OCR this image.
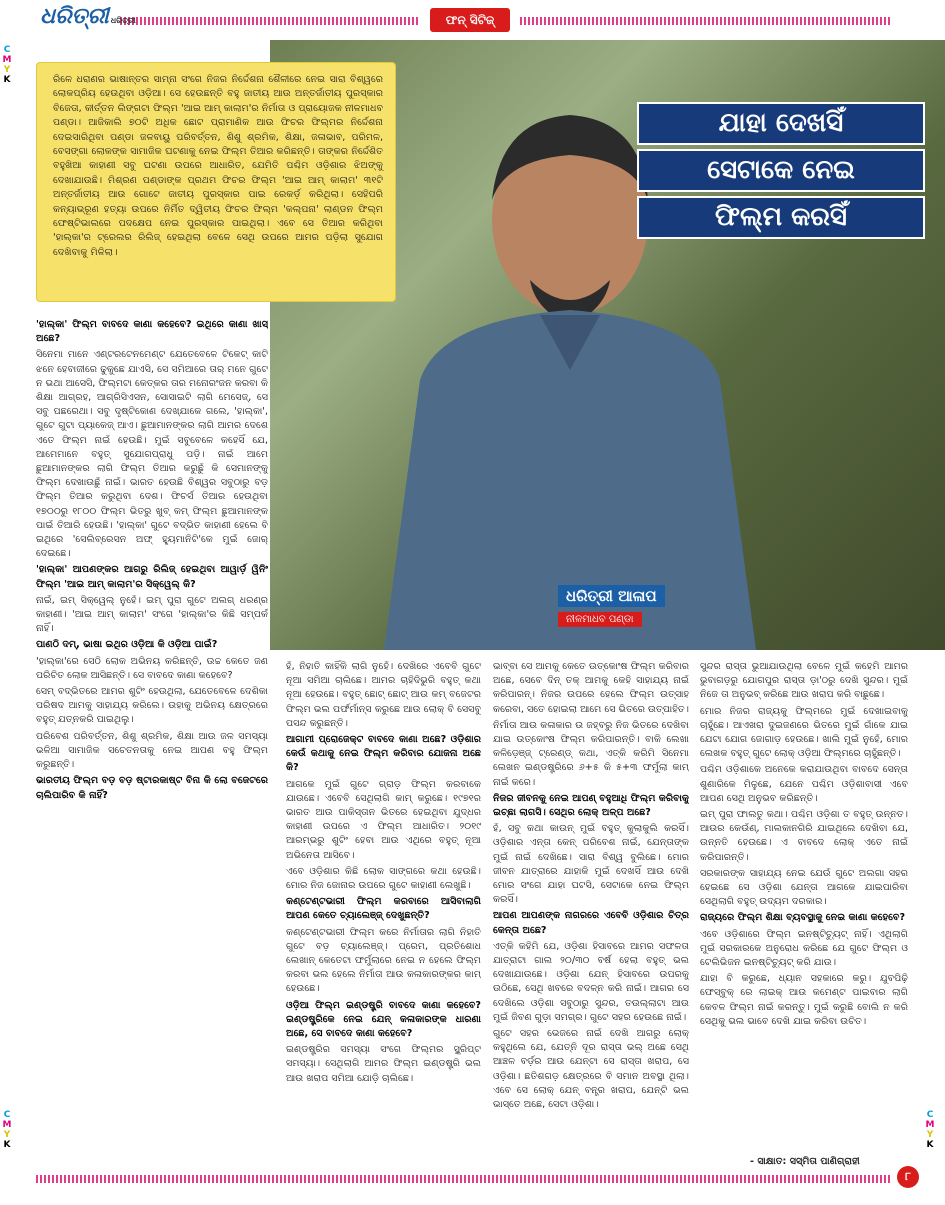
ଧରିତ୍ରୀ ଧରିତ୍ରୀ	ଫନ୍ ସିଟିଜ୍
C
M
Y
K
C
M
Y
K
C
M
Y
K

ରିଳେ ଧରାଣର ଭାଷାନ୍ତର ସାମ୍ନା ସଂଗେ ନିଜର ନିର୍ଦ୍ଦେଶନା ଶୈଳୀରେ ନେଇ ସାରା ବିଶ୍ୱରେ ଲୋକପ୍ରିୟ ହେଉଥିବା ଓଡ଼ିଆ। ସେ ହେଉଛନ୍ତି ବହୁ ଜାତୀୟ ଆଉ ଅନ୍ତର୍ଜାତୀୟ ପୁରସ୍କାର ବିଜେତା, କୀର୍ତ୍ତନ ଲିଙ୍ଗଟା ଫିଲ୍ମ 'ଆଇ ଆମ୍ କାଲାମ'ର ନିର୍ମାତା ଓ ପ୍ରାୟୋଜକ ନୀଳମାଧବ ପଣ୍ଡା। ଆଜିକାଲି ୭୦ଟି ଅଧିକ ଛୋଟ ପ୍ରାମାଣିକ ଆଉ ଫିଚର ଫିଲ୍ମର ନିର୍ଦ୍ଦେଶନା ଦେଇସାରିଥିବା ପଣ୍ଡା ଜଳବାୟୁ ପରିବର୍ତ୍ତନ, ଶିଶୁ ଶ୍ରମିକ, ଶିକ୍ଷା, ଜଳାଭାବ, ପରିମଳ, ବେସଙ୍ଗା ଲୋକଙ୍କ ସାମାଜିକ ଘଟଣାକୁ ନେଇ ଫିଲ୍ମ ତିଆର କରିଛନ୍ତି। ତାଙ୍କର ନିର୍ଦ୍ଦେଶିତ ବହୁଖିଆ କାହାଣୀ ସବୁ ଘଟଣା ଉପରେ ଆଧାରିତ, ଯେମିତି ପଶ୍ଚିମ ଓଡ଼ିଶାର ଝିଅଙ୍କୁ ଦେଖାଯାଉଛି। ମିଶ୍ରଣ ପଣ୍ଡାଙ୍କ ପ୍ରଥମ ଫିଚର ଫିଲ୍ମ 'ଆଇ ଆମ୍ କାଲାମ' ୩୧ଟି ଅନ୍ତର୍ଜାତୀୟ ଆଉ ଗୋଟେ ଜାତୀୟ ପୁରସ୍କାର ପାଇ ରେକର୍ଡ଼ କରିଥିଲା। ସେହିପରି କନ୍ୟାଭ୍ରୂଣ ହତ୍ୟା ଉପରେ ନିର୍ମିତ ଦ୍ୱିତୀୟ ଫିଚର ଫିଲ୍ମ 'କଲ୍ପନା' ଲାଣ୍ଡନ ଫିଲ୍ମ ଫେଷ୍ଟିଭାଲରେ ପଦକ୍ଷେପ ନେଇ ପୁରସ୍କାର ପାଇଥିଲା। ଏବେ ସେ ତିଆର କରିଥିବା 'ହାଲ୍କା'ର ଟ୍ରେଲର ରିଲିଜ୍ ହେଇଥିଲା ବେଳେ ସେଥି ଉପରେ ଆମର ପଡ଼ିଲା ସୁଯୋଗ ଦେଖିବାକୁ ମିଳିଲା।

ଯାହା ଦେଖସିଁ
ସେଟାକେ ନେଇ
ଫିଲ୍ମ କରସିଁ
ଧରିତ୍ରୀ ଆଳାପ
ନୀଳମାଧବ ପଣ୍ଡା

'ହାଲ୍କା' ଫିଲ୍ମ ବାବଦେ କାଣା କହେବେ? ଇଥିରେ କାଣା ଖାସ୍ ଅଛେ?

ସିନେମା ମାନେ ଏଣ୍ଟରଟେନମେଣ୍ଟ ଯେତେବେଳେ ଟିକେଟ୍ କାଟି ଝନେ ହେବାଜୀରେ ଢୁକୁଛେ ଯାଏସି, ସେ ସମିଆରେ ତାର୍ ମନେ ଗୁଟେ ନ ଭଥା ଆସେସି, ଫିଲ୍ମଟା କେତ୍କର ତାର ମନୋରଂଜନ କରବା କି ଶିକ୍ଷା ଆଗ୍ରହ, ଆଗ୍ରିସିଏସନ, ସୋସାଇଟି ଲାଗି ମେସେଜ୍, ସେ ସବୁ ପଛରେଥା। ସବୁ ଦୃଷ୍ଟିକୋଣ ଦେଖ୍ଯାକେ ଗଲେ, 'ହାଲ୍କା', ଗୁଟେ ଗୁଟା ପ୍ୟାକେଜ୍ ଆଏ। ଛୁଆମାନଙ୍କର ଲାଗି ଆମର ଦେଶେ ଏତେ ଫିଲ୍ମ ନାଇଁ ହେଉଛି। ମୁଇଁ ସବୁବେଳେ କହେସିଁ ଯେ, ଆମେମାନେ ବହୁତ୍ ସୁଯୋଗପ୍ରାଧୁ ପଡ଼ି। ନାଇଁ ଆମେ ଛୁଆମାନଙ୍କର ଲାଗି ଫିଲ୍ମ ତିଆର କରୁଛୁଁ କି ସେମାନଙ୍କୁ ଫିଲ୍ମ ଦେଖାଉଛୁଁ ନାଇଁ। ଭାରତ ହେଉଛି ବିଶ୍ୱର ସବୁଠାରୁ ବଡ଼ ଫିଲ୍ମ ତିଆର କରୁଥିବା ଦେଶ। ଫିଚର୍ସ ତିଆର ହେଉଥିବା ୧୭୦୦ରୁ ୧୮୦୦ ଫିଲ୍ମ ଭିତରୁ ଖୁବ୍ କମ୍ ଫିଲ୍ମ ଛୁଆମାନଙ୍କ ପାଇଁ ତିଆରି ହେଉଛି। 'ହାଲ୍କା' ଗୁଟେ ବଦ୍ଭିତ କାହାଣୀ ହେଲେ ବି ଇଥିରେ 'ସେଲିବ୍ରେସନ ଅଫ୍ ହ୍ୟୁମାନିଟି'କେ ମୁଇଁ ଜୋର୍ ଦେଇଛେ।

'ହାଲ୍କା' ଆପଣଙ୍କର ଆଗରୁ ରିଲିଜ୍ ହେଇଥିବା ଆୱାର୍ଡ଼ ୱିନିଂ ଫିଲ୍ମ 'ଆଇ ଆମ୍ କାଲାମ'ର ସିକ୍ୱେଲ୍ କି?

ନାଇଁ, ଇମ୍ ସିକ୍ୱେଲ୍ ନୁହେଁ। ଇମ୍ ପୁରା ଗୁଟେ ଅଲଗ୍ ଧରଣ୍ର କାହାଣୀ। 'ଆଇ ଆମ୍ କାଲାମ' ସଂଗେ 'ହାଲ୍କା'ର କିଛି ସମ୍ପର୍କ ନାହିଁ।

ପାଣଠି ଦମ୍, ଭାଷା ଇଥିର ଓଡ଼ିଆ କି ଓଡ଼ିଆ ପାଇଁ?

'ହାଲ୍କା'ରେ ସେଠି ଲୋକ ଅଭିନୟ କରିଛନ୍ତି, ଉଚ୍ଚ କେତେ ଜଣ ପରିଚିତ ଲୋକ ଆସିଛନ୍ତି। ସେ ବାବଦେ କାଣା କହେବେ?

ସେମ୍ ବଦ୍ଭିତରେ ଆମର ଶୁଟିଂ ହେଉଥିଲା, ଯେତେବେଳେ ଦେଶିକା ପରିଷଦ ଆମକୁ ସାହାଯ୍ୟ କରିଲେ। ଉହାକୁ ଅଭିନୟ କ୍ଷେତ୍ରରେ ବହୁତ୍ ଯତ୍ନକରି ପାଇଥିଲୁ।

ପରିବେଶ ପରିବର୍ତ୍ତନ, ଶିଶୁ ଶ୍ରମିକ, ଶିକ୍ଷା ଆଉ ଜଳ ସମସ୍ୟା ଭଳିଆ ସାମାଜିକ ସଚେତନତାକୁ ନେଇ ଆପଣ ବହୁ ଫିଲ୍ମ କରୁଛନ୍ତି।

ଭାରତୀୟ ଫିଲ୍ମ ବଡ଼ ବଡ଼ ଷ୍ଟାରକାଷ୍ଟ ବିନା କି ଲୋ ବଜେଟରେ ଚାଲିପାରିବ କି ନାହିଁ?

ହଁ, ନିହାତି କାହିଁକି ଲାଗି ନୁହେଁ। ଦେଖିରେ ଏବେବି ଗୁଟେ ନୂଆ ସମିଆ ଚାଲିଛେ। ଆମର ଚାହିଦିଭୁରି ବହୁତ୍ କଥା ନୂଆ ହେଉଛେ। ବହୁତ୍ ଛୋଟ୍ ଛୋଟ୍ ଆଉ କମ୍ ବଜେଟର ଫିଲ୍ମ ଭଲ ପର୍ଫର୍ମାନ୍ସ କରୁଛେ ଆଉ ଲୋକ୍ ବି ସେସବୁ ପସନ୍ଦ କରୁଛନ୍ତି।

ଆଗାମୀ ପ୍ରୋଜେକ୍ଟ ବାବଦେ କାଣା ଅଛେ? ଓଡ଼ିଶାର କେଉଁ କଥାକୁ ନେଇ ଫିଲ୍ମ କରିବାର ଯୋଜନା ଅଛେ କି?

ଆଗକେ ମୁଇଁ ଗୁଟେ ଗ୍ରାଡ଼ ଫିଲ୍ମ କରବାକେ ଯାଉଛେ। ଏବେବି ସେଥିଲାଗି କାମ୍ କରୁଛେ। ୧୯୭୧ର ଭାରତ ଆଉ ପାକିସ୍ତାନ ଭିତରେ ହେଇଥିବା ଯୁଦ୍ଧର କାହାଣୀ ଉପରେ ଏ ଫିଲ୍ମ ଆଧାରିତ। ୨୦୧୯ ଆରମ୍ଭରୁ ଶୁଟିଂ ହେବା ଆଉ ଏଥିରେ ବହୁତ୍ ନୂଆ ଅଭିନେତା ଆସିବେ।

ଏବେ ଓଡ଼ିଶାର କିଛି ଲୋକ ସାଙ୍ଗରେ କଥା ହେଉଛି। ମୋର ନିଜ ଜୋନାର ଉପରେ ଗୁଟେ କାହାଣୀ ଲେଖୁଛି।

କଣ୍ଟେଣ୍ଟଭାରୀ ଫିଲ୍ମ କରବାରେ ଆସିବାଲାଗି ଆପଣ କେତେ ଚ୍ୟାଲେଞ୍ଜ୍ ଦେଖୁଛନ୍ତି?

କଣ୍ଟେଣ୍ଟଭାରୀ ଫିଲ୍ମ କରେ ନିର୍ମାତାର ଲାଗି ନିହାତି ଗୁଟେ ବଡ଼ ଚ୍ୟାଲେଞ୍ଜ୍। ପ୍ରେମ, ପ୍ରତିଶୋଧ ଲେଖାନ୍ କେତେଟା ଫର୍ମୁଲାରେ ନେଇ ନ ହେଲେ ଫିଲ୍ମ କରବା ଭଲ ହେଲେ ନିର୍ମାତା ଆଉ କଳାକାରଙ୍କର କାମ୍ ହେଉଛେ।

ଓଡ଼ିଆ ଫିଲ୍ମ ଇଣ୍ଡଷ୍ଟ୍ରି ବାବଦେ କାଣା କହେବେ? ଇଣ୍ଡଷ୍ଟ୍ରିକେ ନେଇ ଯେନ୍ କଳାକାରଙ୍କ ଧାରଣା ଅଛେ, ସେ ବାବଦେ କାଣା କହେବେ?

ଇଣ୍ଡଷ୍ଟ୍ରିର ସମସ୍ୟା ସଂଗେ ଫିଲ୍ମର ସ୍କ୍ରିପ୍ଟ ସମସ୍ୟା। ସେଥିଲାଗି ଆମର ଫିଲ୍ମ ଇଣ୍ଡଷ୍ଟ୍ରି ଭଲ ଆଉ ଖରାପ ସମିଆ ଯୋଡ଼ି ଚାଲିଛେ।

ଭାବ୍ବା ସେ ଆମକୁ କେତେ ଉତ୍କୋଂଷ ଫିଲ୍ମ କରିବାର ଅଛେ, ସେବେ ଦିନ୍ ତକ୍ ଆମକୁ କେହି ସାହାଯ୍ୟ ନାଇଁ କରିପାରନ୍। ନିଜର ଉପରେ ହେଲେ ଫିଲ୍ମ ଉତ୍ସାହ କରେବା, ସତେ ହୋଇଲା ଆମେ ସେ ଭିତରେ ଉତ୍ପାହିତ।

ନିର୍ମାତା ଆଉ କଳାକାର ଉ ଜହ୍ବରୁ ନିଜ ଭିତରେ ଦେଖିବା ଯାଇ ଉତ୍କୋଂଷ ଫିଲ୍ମ କରିପାରନ୍ତି। ବାକି ଲେଖା କଳିଡ଼େଞ୍ଜ୍ ଟ୍ରେଣ୍ଡ୍ କଥା, ଏତ୍କି କରିମି ସିନେମା ଲେଖନ ଇଣ୍ଡଷ୍ଟ୍ରିରେ ୬+୫ କି ୫+୩ ଫର୍ମୁଲା କାମ୍ ନାଇଁ କରେ।

ନିଜର ଜୀବନକୁ ନେଇ ଆପଣ୍ ବହୁଆଧି ଫିଲ୍ମ କରିବାକୁ ଇଚ୍ଛା ଲାଗସି। ସେଥିର ଲୋକ୍ ଅଳ୍ପ ଅଛେ?

ହଁ, ସବୁ କଥା କାଉନ୍ ମୁଇଁ ବହୁତ୍ କୁଲାକୁଲି କରସିଁ। ଓଡ଼ିଶାର ଏନ୍ତା କେନ୍ ପରିବେଶ ନାଇଁ, ଯେନ୍ତାଙ୍କ ମୁଇଁ ନାଇଁ ଦେଖିଛେ। ସାରା ବିଶ୍ୱ ବୁଲିଛେ। ମୋର ଜୀବନ ଯାତ୍ରାରେ ଯାହାକି ମୁଇଁ ଦେଖସିଁ ଆଉ ଦେଖି ମୋର ସଂଗେ ଯାହା ଘଟସି, ସେଟାକେ ନେଇ ଫିଲ୍ମ କରସିଁ।

ଆପଣ ଆପଣଙ୍କ ନାଗରରେ ଏବେବି ଓଡ଼ିଶାର ଚିତ୍ର କେନ୍ତା ଅଛେ?

ଏତ୍କି କହିମି ଯେ, ଓଡ଼ିଶା ହିସାବରେ ଆମର ସଫଳତା ଯାତ୍ରାଟା ଗାଲ ୨୦/୩୦ ବର୍ଷ ହେଲା ବହୁତ୍ ଭଲ ଦେଖାଯାଉଛେ। ଓଡ଼ିଶା ଯେନ୍ ହିସାବରେ ଉପରକୁ ଉଠିଛେ, ସେଥି ଖବରେ ବଦଳ୍ନ କରି ନାଇଁ। ଆଗର ସେ ଦେଖିଲେ ଓଡ଼ିଶା ସବୁଠାରୁ ସୁନ୍ଦର, ତଉଲ୍ଲାଟା ଆଉ ମୁଇଁ ଜିବଣ ଗୁଡ଼ା ସମଗ୍ର। ଗୁଟେ ସହର ହେଉଛେ ନାଇଁ।

ଗୁଟେ ସହର ଭେଜରେ ନାଇଁ ଦେଖି ଆଗରୁ ଲୋକ୍ କହୁଥିଲେ ଯେ, ଯେତ୍ନି ଦୂର ରାସ୍ତା ଭଲ୍ ଅଛେ ସେଥି ଆଞ୍ଚଳ ବର୍ଡ଼ର ଆଉ ଯେନ୍ଟା ସେ ରାସ୍ତା ଖରାପ, ସେ ଓଡ଼ିଶା। ଛତିଶଗଡ଼ କ୍ଷେତ୍ରରେ ବି ସମାନ ଅବସ୍ଥା ଥିଲା। ଏବେ ସେ ଲୋକ୍ ଯେନ୍ ବନ୍ତ୍ର ଖରାପ, ଯେନ୍ଟି ଭଲ ଭାସ୍ତେ ଅଛେ, ସେଟା ଓଡ଼ିଶା।

ସୁନ୍ଦର ରାସ୍ତା ଭୁଆଯାଉଥିଲା ବେଳେ ମୁଇଁ କହେମି ଆମର ଭୁବାଗଡ଼ରୁ ଯୋଗପୁର ରାସ୍ତା ଡ଼ା'ଠରୁ ଦେଖି ସୁନ୍ଦର। ମୁଇଁ ନିଜେ ତା ଅନୁଭବ୍ କରିଛେ ଆଉ ଖରାପ କରି ବାଛୁଛେ।

ମୋର ନିଜର ରାଜ୍ୟକୁ ଫିଲ୍ମରେ ମୁଇଁ ଦେଖାଇବାକୁ ଚାହୁଁଛେ। ଆଏଖରା ଦୁଇଜଣରେ ଭିତରେ ମୁଇଁ ଗାଁକେ ଯାଇ ଯେଟା ଯୋଗ ଜୋଗାଡ଼ ହେଉଛେ। ଖାଲି ମୁଇଁ ନୁହେଁ, ମୋର ଲେଖକ ବହୁତ୍ ଗୁଟେ ଲୋକ୍ ଓଡ଼ିଆ ଫିଲ୍ମରେ ଚାହୁଁଛନ୍ତି।

ପଶ୍ଚିମ ଓଡ଼ିଶାକେ ଅନେକେ କରାଯାଉଥିବା ବାବଦେ ସେନ୍ତା ଶୁଣାରିକେ ମିଳୁଛେ, ଯେନେ ପଶ୍ଚିମ ଓଡ଼ିଶାବାସୀ ଏବେ ଆପଣ ସେଥି ଅନୁଭବ କରିଛନ୍ତି।

ଇମ୍ ପୁରା ଫାଲତୁ କଥା। ପଶ୍ଚିମ ଓଡ଼ିଶା ତ ବହୁତ୍ ଉନ୍ନତ। ଆଉର କେଉଁଣ୍, ମାଲକାନଗିରି ଯାଇଥିଲେ ଦେଖିବା ଯେ, ଉନ୍ନତି ହେଉଛେ। ଏ ବାବଦେ ଲୋକ୍ ଏତେ ନାଇଁ କରିପାରନ୍ତି।

ସରକାରଙ୍କ ସାହାଯ୍ୟ ନେଇ ଯେଉଁ ଗୁଟେ ଅଲଗା ସହର ହେଇଛେ ସେ ଓଡ଼ିଶା ଯେନ୍ତା ଆଗକେ ଯାଇପାରିବା ସେଥିଲାଗି ବହୁତ୍ ଉଦ୍ୟମ ଦରକାର।

ରାଜ୍ୟରେ ଫିଲ୍ମ ଶିକ୍ଷା ବ୍ୟବସ୍ଥାକୁ ନେଇ କାଣା କହେବେ?

ଏବେ ଓଡ଼ିଶାରେ ଫିଲ୍ମ ଇନଷ୍ଟିଚ୍ୟୁଟ୍ ନାହିଁ। ଏଥିଲାଗି ମୁଇଁ ସରକାରକେ ଅନୁରୋଧ କରିଛେ ଯେ ଗୁଟେ ଫିଲ୍ମ ଓ ଟେଲିଭିଜନ ଇନଷ୍ଟିଚ୍ୟୁଟ୍ କରି ଯାଉ।

ଯାହା ବି କରୁଛେ, ଧ୍ୟାନ ସହକାରେ କରୁ। ଯୁବପିଢ଼ି ଫେସ୍ବୁକ୍ ରେ ଲାଇକ୍ ଆଉ କମେଣ୍ଟ ପାଇବାର ଲାଗି କେବଳ ଫିଲ୍ମ ନାଇଁ କରନ୍ତୁ। ମୁଇଁ କରୁଛି ବୋଲି ନ କରି ସେଥିକୁ ଭଲ ଭାବେ ଦେଖି ଯାଇ କରିବା ଉଚିତ।

- ସାକ୍ଷାତ: ସସ୍ମିତା ପାଣିଗ୍ରାହୀ
୮
